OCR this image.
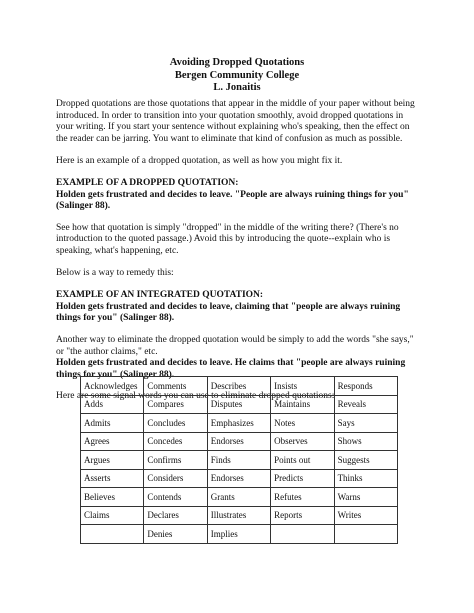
Avoiding Dropped Quotations
Bergen Community College
L. Jonaitis

Dropped quotations are those quotations that appear in the middle of your paper without being introduced. In order to transition into your quotation smoothly, avoid dropped quotations in your writing. If you start your sentence without explaining who's speaking, then the effect on the reader can be jarring. You want to eliminate that kind of confusion as much as possible.

Here is an example of a dropped quotation, as well as how you might fix it.

EXAMPLE OF A DROPPED QUOTATION:
Holden gets frustrated and decides to leave. "People are always ruining things for you" (Salinger 88).

See how that quotation is simply "dropped" in the middle of the writing there? (There's no introduction to the quoted passage.) Avoid this by introducing the quote--explain who is speaking, what's happening, etc.

Below is a way to remedy this:

EXAMPLE OF AN INTEGRATED QUOTATION:
Holden gets frustrated and decides to leave, claiming that "people are always ruining things for you" (Salinger 88).

Another way to eliminate the dropped quotation would be simply to add the words "she says," or "the author claims," etc.

Holden gets frustrated and decides to leave. He claims that "people are always ruining things for you" (Salinger 88).

Here are some signal words you can use to eliminate dropped quotations:

Acknowledges	Comments	Describes	Insists	Responds
Adds	Compares	Disputes	Maintains	Reveals
Admits	Concludes	Emphasizes	Notes	Says
Agrees	Concedes	Endorses	Observes	Shows
Argues	Confirms	Finds	Points out	Suggests
Asserts	Considers	Endorses	Predicts	Thinks
Believes	Contends	Grants	Refutes	Warns
Claims	Declares	Illustrates	Reports	Writes
	Denies	Implies		
